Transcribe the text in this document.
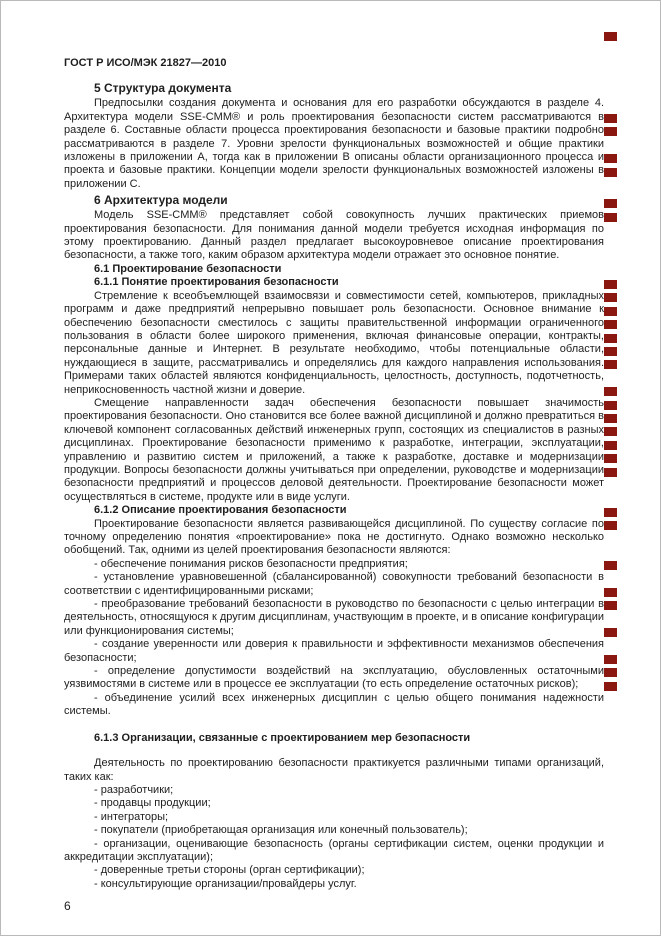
ГОСТ Р ИСО/МЭК 21827—2010
5 Структура документа

Предпосылки создания документа и основания для его разработки обсуждаются в разделе 4. Архитектура модели SSE-CMM® и роль проектирования безопасности систем рассматриваются в разделе 6. Составные области процесса проектирования безопасности и базовые практики подробно рассматриваются в разделе 7. Уровни зрелости функциональных возможностей и общие практики изложены в приложении А, тогда как в приложении В описаны области организационного процесса и проекта и базовые практики. Концепции модели зрелости функциональных возможностей изложены в приложении С.

6 Архитектура модели

Модель SSE-CMM® представляет собой совокупность лучших практических приемов проектирования безопасности. Для понимания данной модели требуется исходная информация по этому проектированию. Данный раздел предлагает высокоуровневое описание проектирования безопасности, а также того, каким образом архитектура модели отражает это основное понятие.

6.1 Проектирование безопасности
6.1.1 Понятие проектирования безопасности

Стремление к всеобъемлющей взаимосвязи и совместимости сетей, компьютеров, прикладных программ и даже предприятий непрерывно повышает роль безопасности. Основное внимание к обеспечению безопасности сместилось с защиты правительственной информации ограниченного пользования в области более широкого применения, включая финансовые операции, контракты, персональные данные и Интернет. В результате необходимо, чтобы потенциальные области, нуждающиеся в защите, рассматривались и определялись для каждого направления использования. Примерами таких областей являются конфиденциальность, целостность, доступность, подотчетность, неприкосновенность частной жизни и доверие.

Смещение направленности задач обеспечения безопасности повышает значимость проектирования безопасности. Оно становится все более важной дисциплиной и должно превратиться в ключевой компонент согласованных действий инженерных групп, состоящих из специалистов в разных дисциплинах. Проектирование безопасности применимо к разработке, интеграции, эксплуатации, управлению и развитию систем и приложений, а также к разработке, доставке и модернизации продукции. Вопросы безопасности должны учитываться при определении, руководстве и модернизации безопасности предприятий и процессов деловой деятельности. Проектирование безопасности может осуществляться в системе, продукте или в виде услуги.

6.1.2 Описание проектирования безопасности

Проектирование безопасности является развивающейся дисциплиной. По существу согласие по точному определению понятия «проектирование» пока не достигнуто. Однако возможно несколько обобщений. Так, одними из целей проектирования безопасности являются:

- обеспечение понимания рисков безопасности предприятия;

- установление уравновешенной (сбалансированной) совокупности требований безопасности в соответствии с идентифицированными рисками;

- преобразование требований безопасности в руководство по безопасности с целью интеграции в деятельность, относящуюся к другим дисциплинам, участвующим в проекте, и в описание конфигурации или функционирования системы;

- создание уверенности или доверия к правильности и эффективности механизмов обеспечения безопасности;

- определение допустимости воздействий на эксплуатацию, обусловленных остаточными уязвимостями в системе или в процессе ее эксплуатации (то есть определение остаточных рисков);

- объединение усилий всех инженерных дисциплин с целью общего понимания надежности системы.

6.1.3 Организации, связанные с проектированием мер безопасности

Деятельность по проектированию безопасности практикуется различными типами организаций, таких как:

- разработчики;

- продавцы продукции;

- интеграторы;

- покупатели (приобретающая организация или конечный пользователь);

- организации, оценивающие безопасность (органы сертификации систем, оценки продукции и аккредитации эксплуатации);

- доверенные третьи стороны (орган сертификации);

- консультирующие организации/провайдеры услуг.

6
